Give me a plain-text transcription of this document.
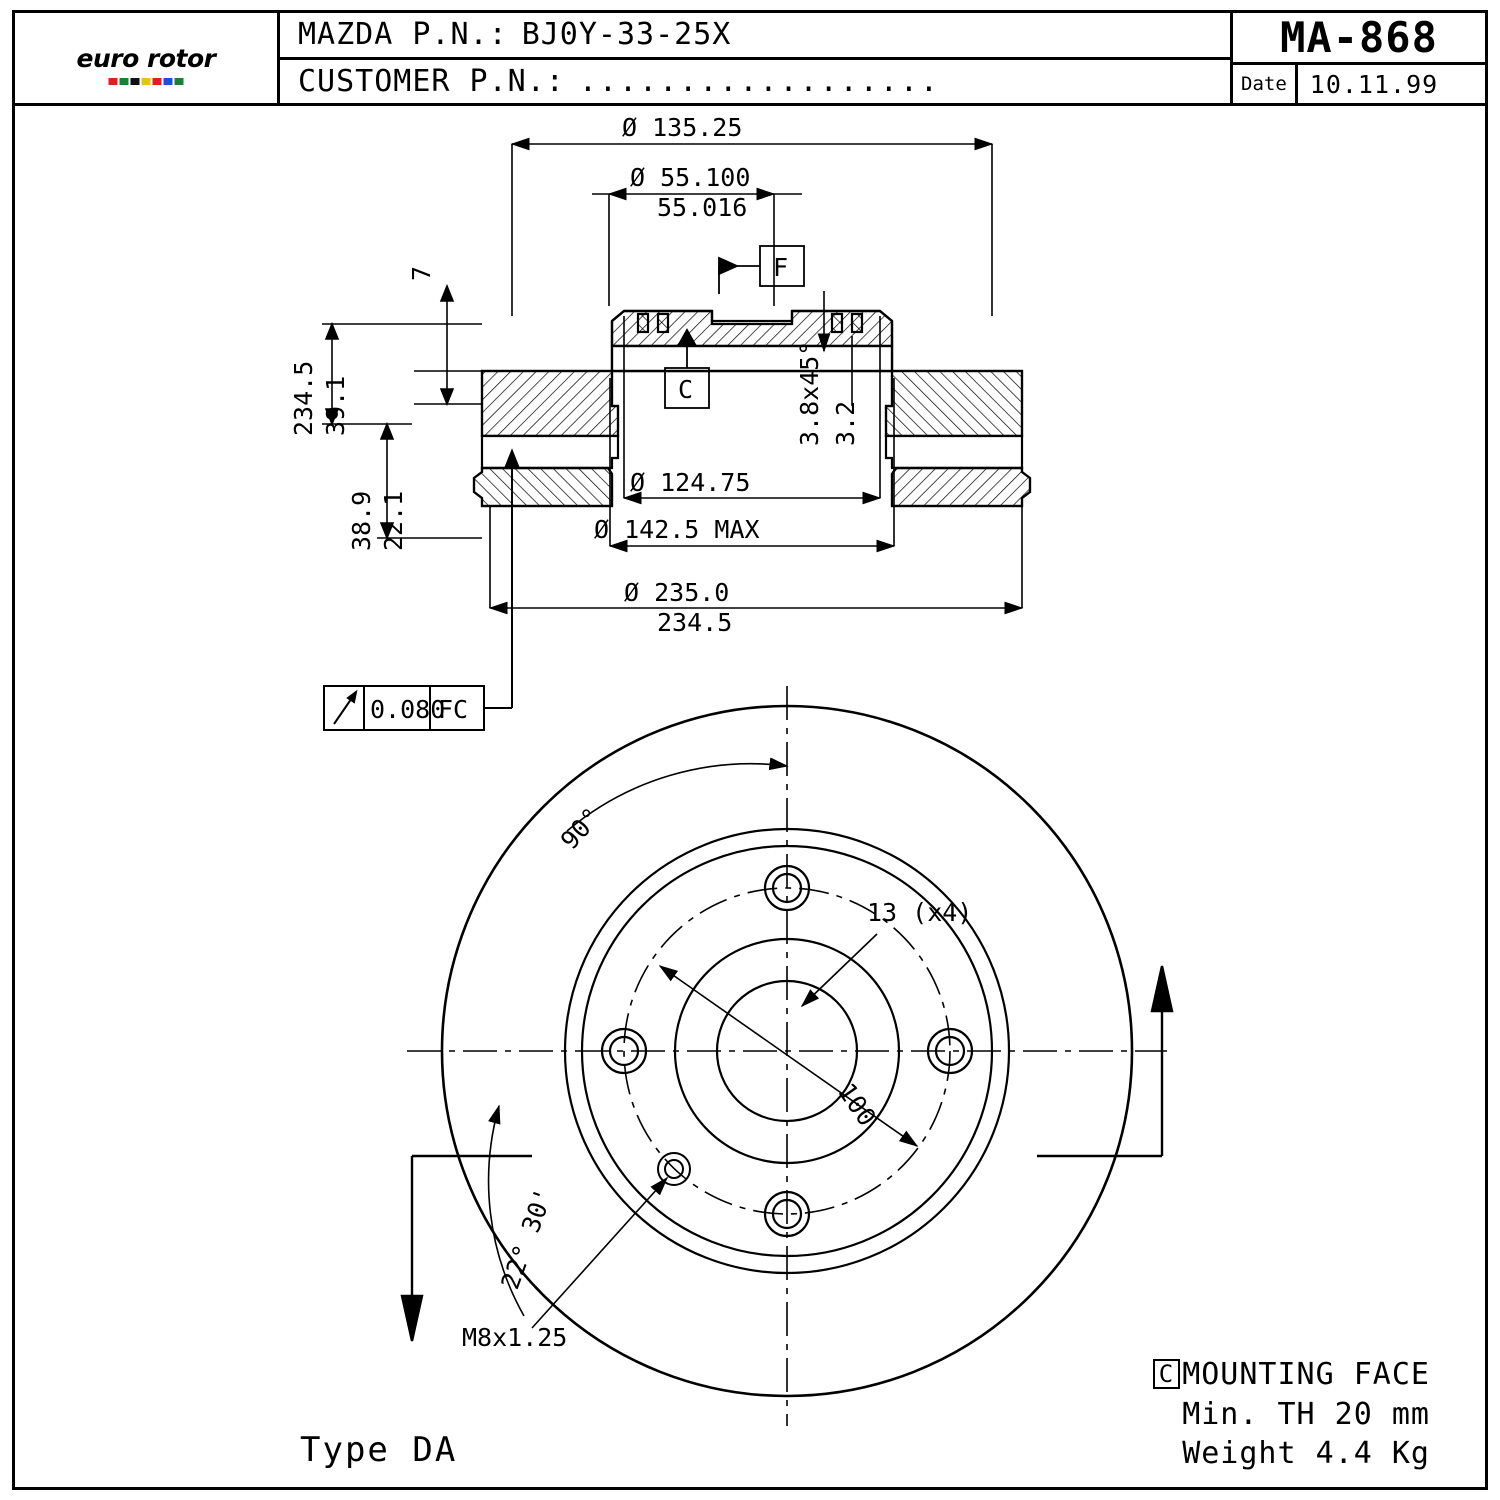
euro rotor
MAZDA P.N.: BJ0Y-33-25X
CUSTOMER P.N.: ..................
MA-868
Date 10.11.99
Ø 135.25
Ø 55.100
55.016
F
C	3.8x45° 3.2
7
234.5 39.1
38.9 22.1
Ø 124.75
Ø 142.5 MAX
Ø 235.0
234.5
0.080
FC
90°
22° 30'
13 (x4)
100
M8x1.25
Type DA
C MOUNTING FACE
Min. TH 20 mm
Weight 4.4 Kg
